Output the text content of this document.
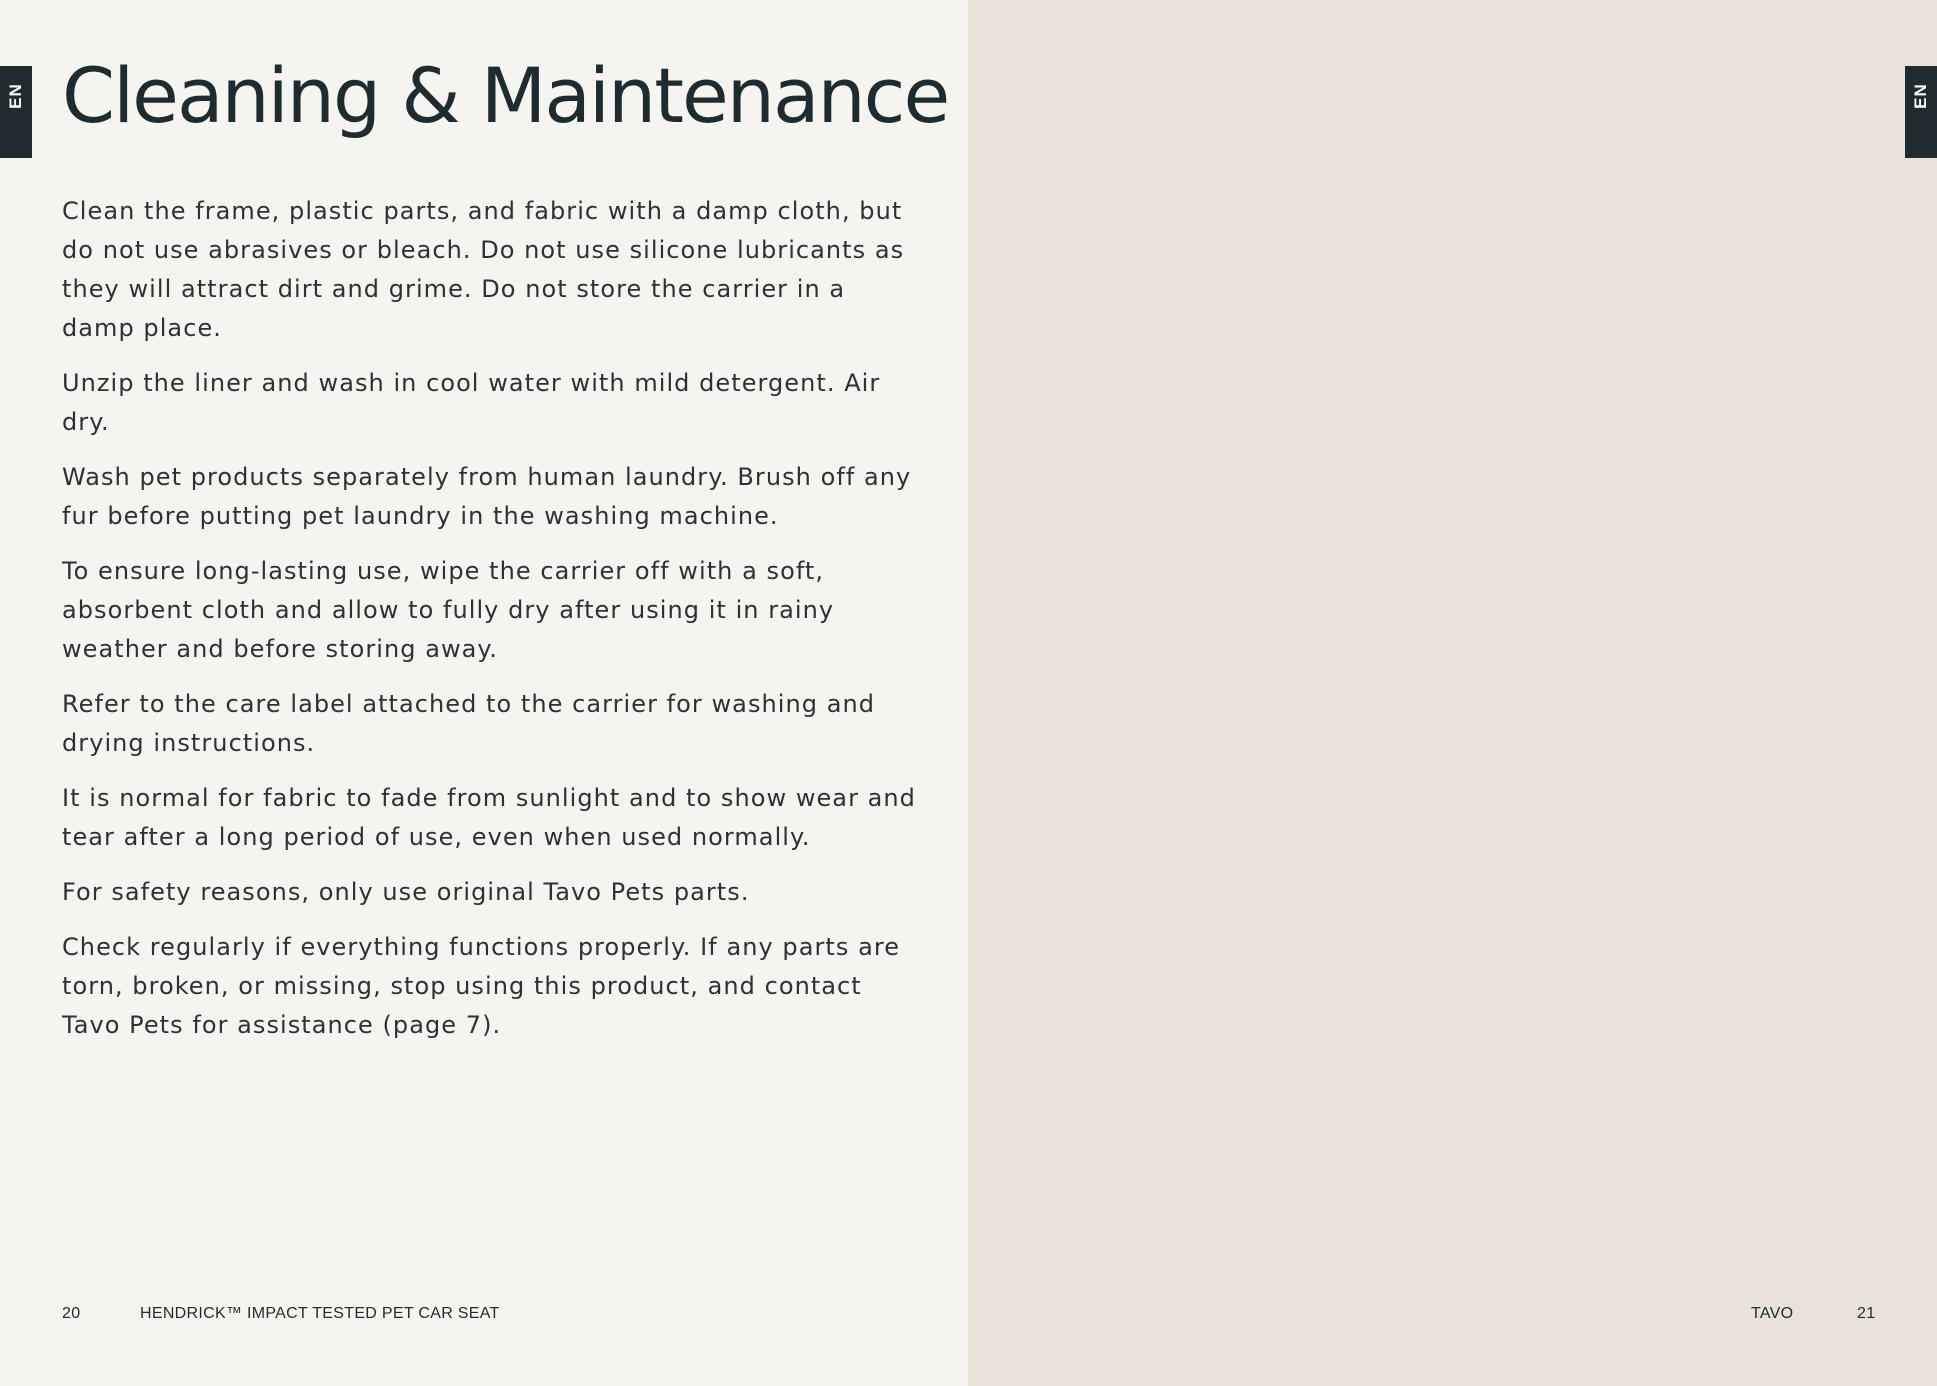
EN Cleaning & Maintenance

Clean the frame, plastic parts, and fabric with a damp cloth, but do not use abrasives or bleach. Do not use silicone lubricants as they will attract dirt and grime. Do not store the carrier in a damp place.

Unzip the liner and wash in cool water with mild detergent. Air dry.

Wash pet products separately from human laundry. Brush off any fur before putting pet laundry in the washing machine.

To ensure long-lasting use, wipe the carrier off with a soft, absorbent cloth and allow to fully dry after using it in rainy weather and before storing away.

Refer to the care label attached to the carrier for washing and drying instructions.

It is normal for fabric to fade from sunlight and to show wear and tear after a long period of use, even when used normally.

For safety reasons, only use original Tavo Pets parts.

Check regularly if everything functions properly. If any parts are torn, broken, or missing, stop using this product, and contact Tavo Pets for assistance (page 7).

20	HENDRICK™ IMPACT TESTED PET CAR SEAT
EN
TAVO	21
